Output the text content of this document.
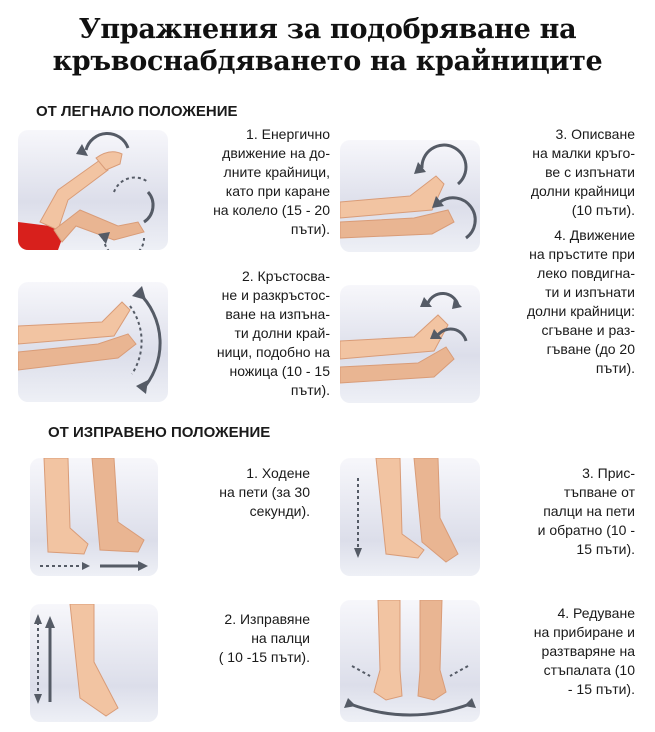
Упражнения за подобряване на
кръвоснабдяването на крайниците
ОТ ЛЕГНАЛО ПОЛОЖЕНИЕ
1. Енергично
движение на до-
лните крайници,
като при каране
на колело (15 - 20
пъти).
2. Кръстосва-
не и разкръстос-
ване на изпъна-
ти долни край-
ници, подобно на
ножица (10 - 15
пъти).
3. Описване
на малки кръго-
ве с изпънати
долни крайници
(10 пъти).
4. Движение
на пръстите при
леко повдигна-
ти и изпънати
долни крайници:
сгъване и раз-
гъване (до 20
пъти).
ОТ ИЗПРАВЕНО ПОЛОЖЕНИЕ
1. Ходене
на пети (за 30
секунди).
2. Изправяне
на палци
( 10 -15 пъти).
3. Прис-
тъпване от
палци на пети
и обратно (10 -
15 пъти).
4. Редуване
на прибиране и
разтваряне на
стъпалата (10
- 15 пъти).
